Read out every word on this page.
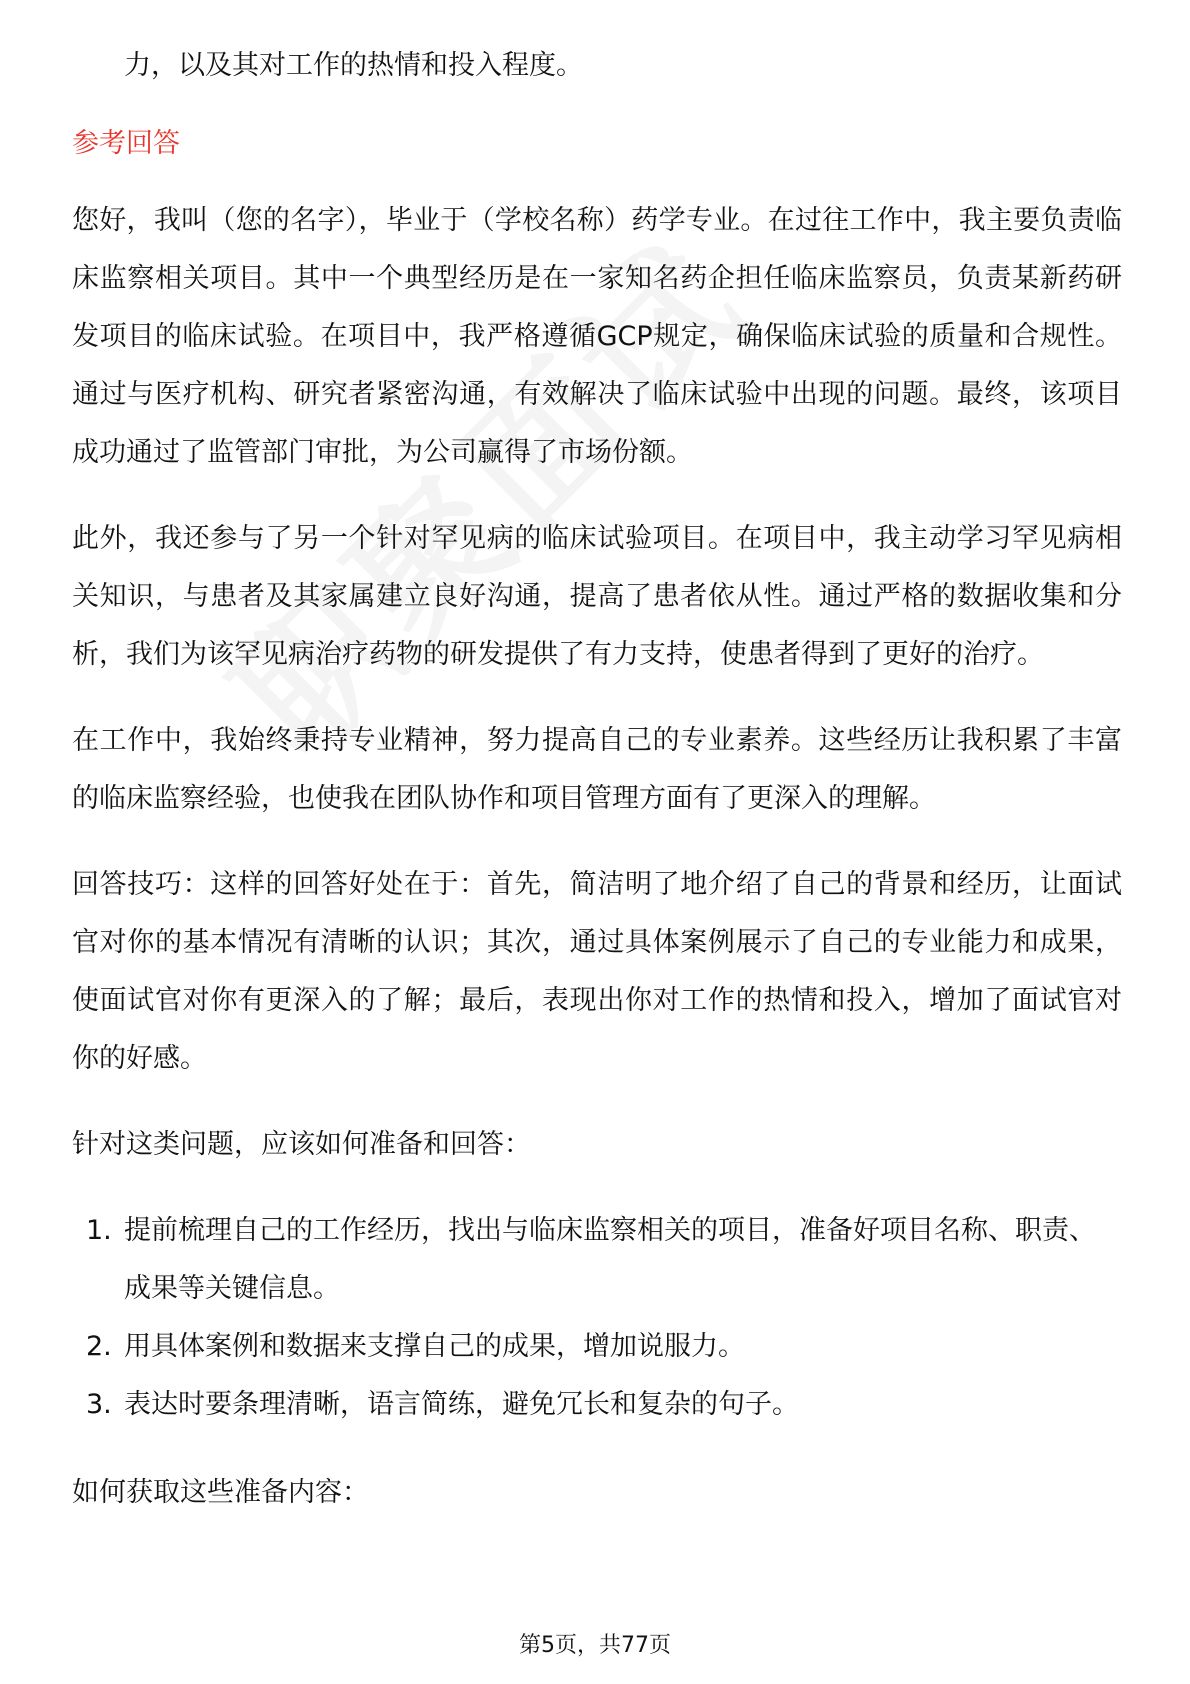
力，以及其对工作的热情和投入程度。

参考回答

您好，我叫（您的名字），毕业于（学校名称）药学专业。在过往工作中，我主要负责临床监察相关项目。其中一个典型经历是在一家知名药企担任临床监察员，负责某新药研发项目的临床试验。在项目中，我严格遵循GCP规定，确保临床试验的质量和合规性。通过与医疗机构、研究者紧密沟通，有效解决了临床试验中出现的问题。最终，该项目成功通过了监管部门审批，为公司赢得了市场份额。

此外，我还参与了另一个针对罕见病的临床试验项目。在项目中，我主动学习罕见病相关知识，与患者及其家属建立良好沟通，提高了患者依从性。通过严格的数据收集和分析，我们为该罕见病治疗药物的研发提供了有力支持，使患者得到了更好的治疗。

在工作中，我始终秉持专业精神，努力提高自己的专业素养。这些经历让我积累了丰富的临床监察经验，也使我在团队协作和项目管理方面有了更深入的理解。

回答技巧：这样的回答好处在于：首先，简洁明了地介绍了自己的背景和经历，让面试官对你的基本情况有清晰的认识；其次，通过具体案例展示了自己的专业能力和成果，使面试官对你有更深入的了解；最后，表现出你对工作的热情和投入，增加了面试官对你的好感。

针对这类问题，应该如何准备和回答：

1. 提前梳理自己的工作经历，找出与临床监察相关的项目，准备好项目名称、职责、成果等关键信息。
2. 用具体案例和数据来支撑自己的成果，增加说服力。
3. 表达时要条理清晰，语言简练，避免冗长和复杂的句子。

如何获取这些准备内容：

第5页，共77页
